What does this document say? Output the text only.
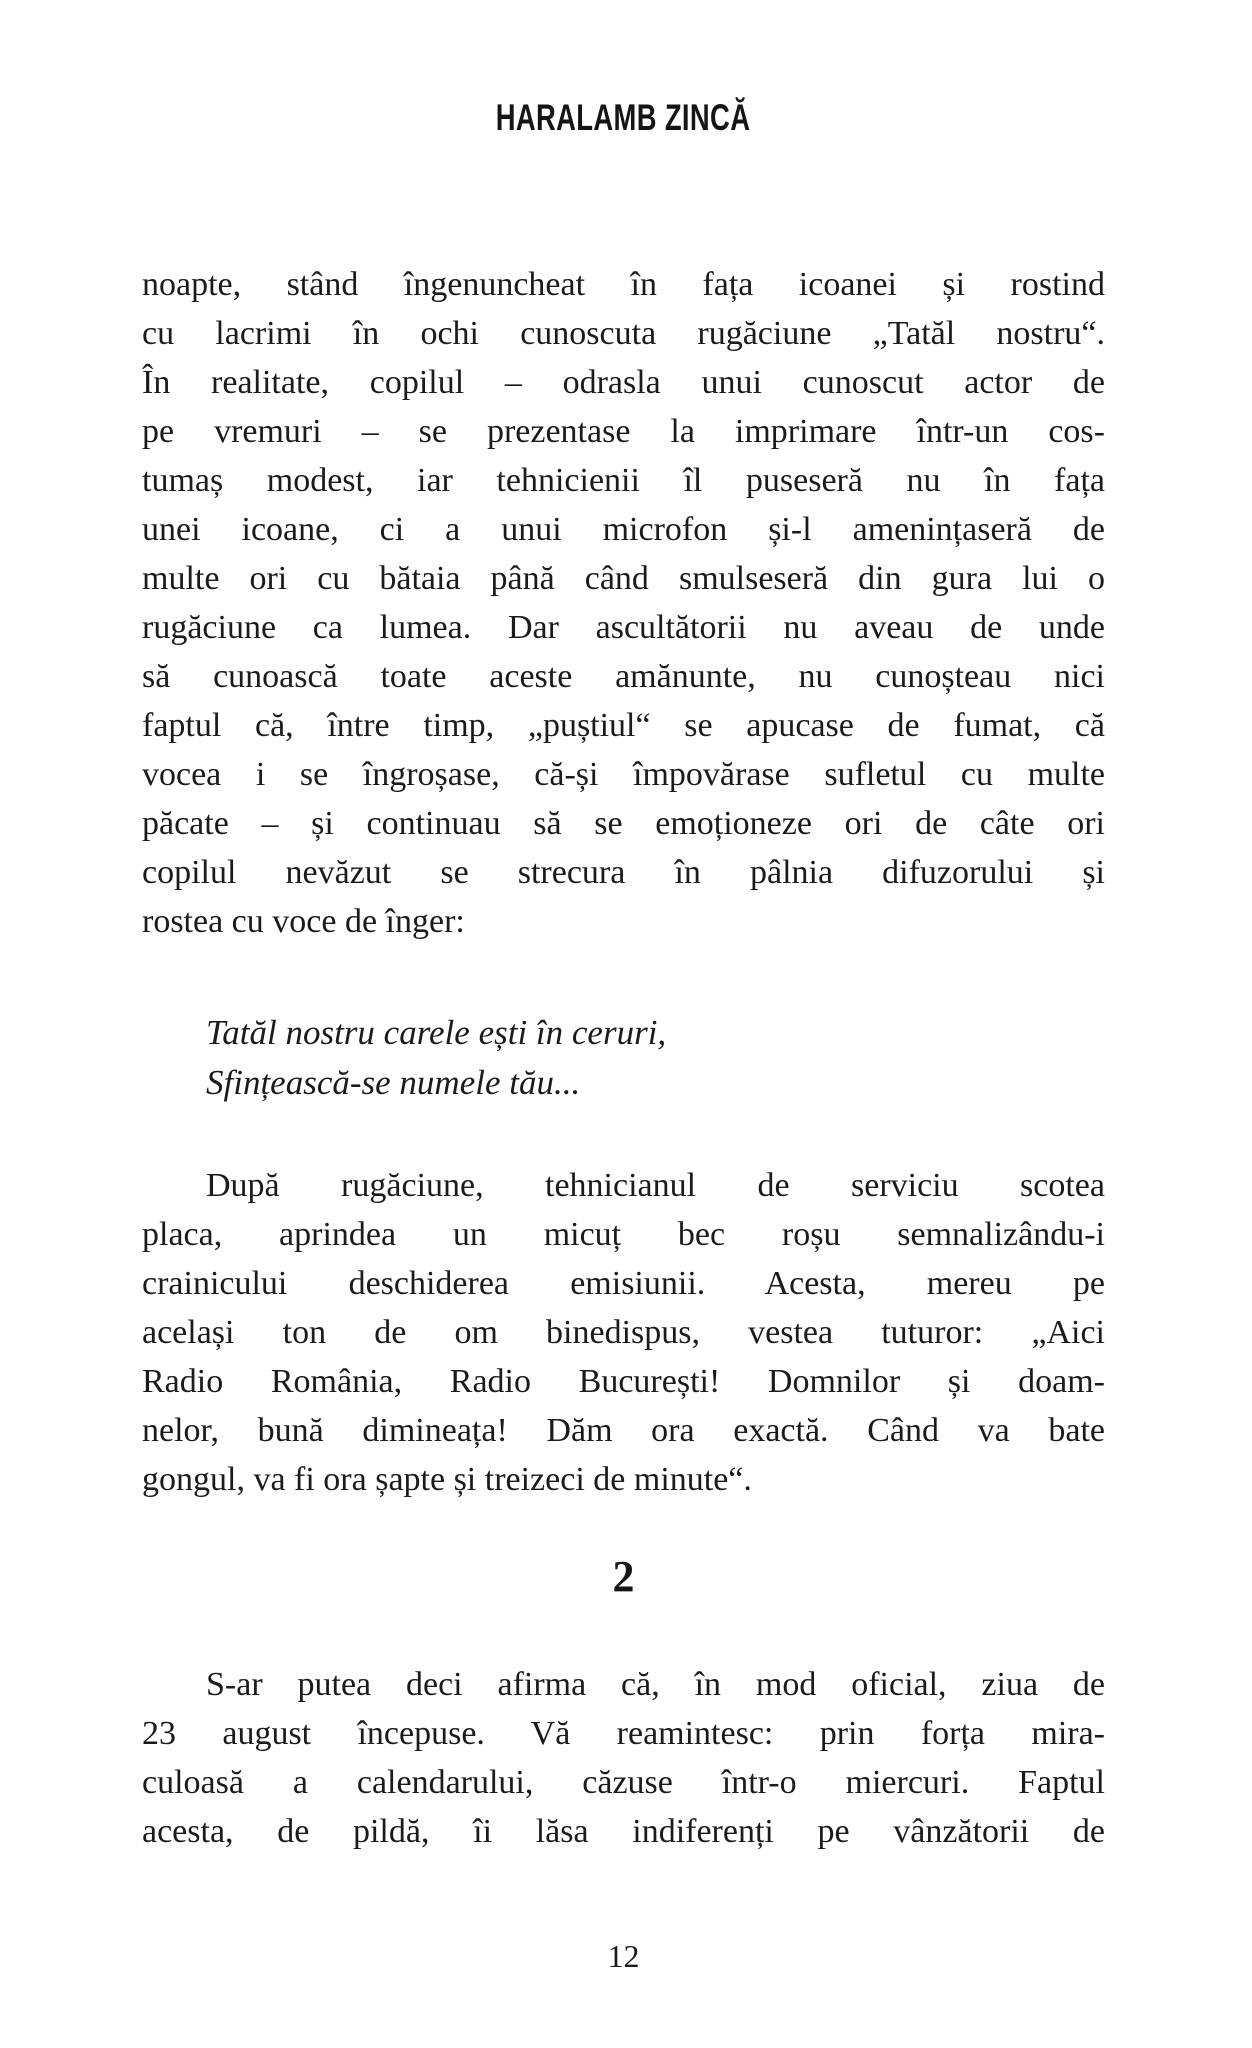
HARALAMB ZINCĂ
noapte, stând îngenuncheat în fața icoanei și rostind
cu lacrimi în ochi cunoscuta rugăciune „Tatăl nostru“.
În realitate, copilul – odrasla unui cunoscut actor de
pe vremuri – se prezentase la imprimare într-un cos-
tumaș modest, iar tehnicienii îl puseseră nu în fața
unei icoane, ci a unui microfon și-l amenințaseră de
multe ori cu bătaia până când smulseseră din gura lui o
rugăciune ca lumea. Dar ascultătorii nu aveau de unde
să cunoască toate aceste amănunte, nu cunoșteau nici
faptul că, între timp, „puștiul“ se apucase de fumat, că
vocea i se îngroșase, că-și împovărase sufletul cu multe
păcate – și continuau să se emoționeze ori de câte ori
copilul nevăzut se strecura în pâlnia difuzorului și
rostea cu voce de înger:
Tatăl nostru carele ești în ceruri,
Sfințească-se numele tău...
După rugăciune, tehnicianul de serviciu scotea
placa, aprindea un micuț bec roșu semnalizându-i
crainicului deschiderea emisiunii. Acesta, mereu pe
același ton de om binedispus, vestea tuturor: „Aici
Radio România, Radio București! Domnilor și doam-
nelor, bună dimineața! Dăm ora exactă. Când va bate
gongul, va fi ora șapte și treizeci de minute“.
2
S-ar putea deci afirma că, în mod oficial, ziua de
23 august începuse. Vă reamintesc: prin forța mira-
culoasă a calendarului, căzuse într-o miercuri. Faptul
acesta, de pildă, îi lăsa indiferenți pe vânzătorii de
12
